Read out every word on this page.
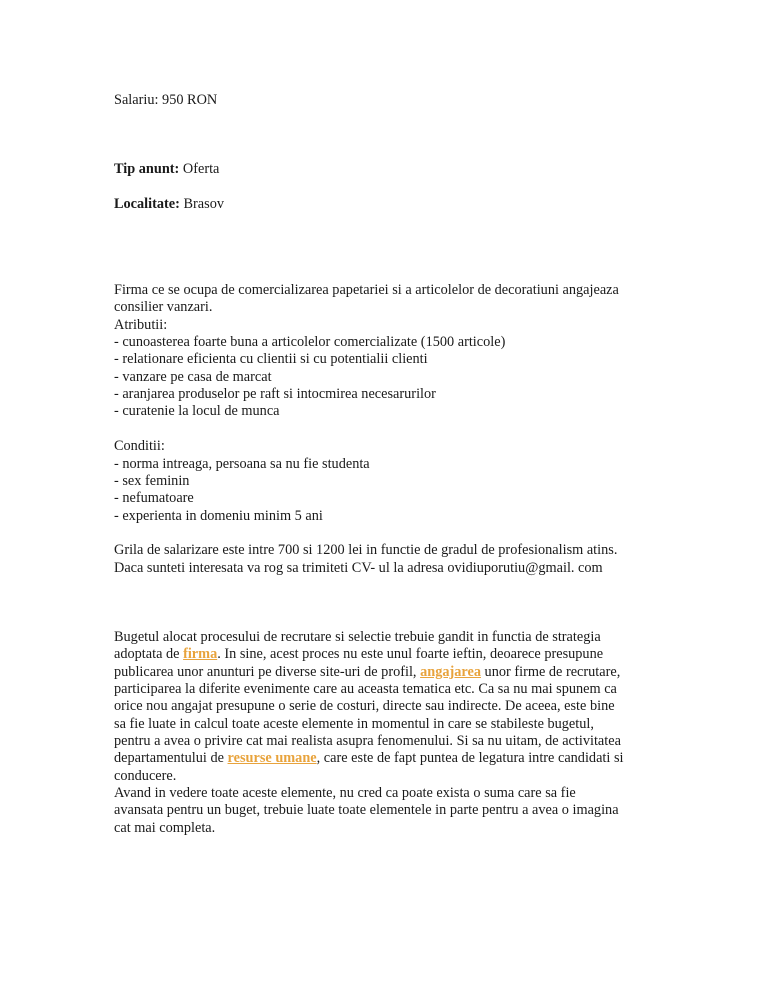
Salariu: 950 RON
Tip anunt: Oferta
Localitate: Brasov
Firma ce se ocupa de comercializarea papetariei si a articolelor de decoratiuni angajeaza
consilier vanzari.
Atributii:
- cunoasterea foarte buna a articolelor comercializate (1500 articole)
- relationare eficienta cu clientii si cu potentialii clienti
- vanzare pe casa de marcat
- aranjarea produselor pe raft si intocmirea necesarurilor
- curatenie la locul de munca
Conditii:
- norma intreaga, persoana sa nu fie studenta
- sex feminin
- nefumatoare
- experienta in domeniu minim 5 ani
Grila de salarizare este intre 700 si 1200 lei in functie de gradul de profesionalism atins.
Daca sunteti interesata va rog sa trimiteti CV- ul la adresa ovidiuporutiu@gmail. com
Bugetul alocat procesului de recrutare si selectie trebuie gandit in functia de strategia
adoptata de firma. In sine, acest proces nu este unul foarte ieftin, deoarece presupune
publicarea unor anunturi pe diverse site-uri de profil, angajarea unor firme de recrutare,
participarea la diferite evenimente care au aceasta tematica etc. Ca sa nu mai spunem ca
orice nou angajat presupune o serie de costuri, directe sau indirecte. De aceea, este bine
sa fie luate in calcul toate aceste elemente in momentul in care se stabileste bugetul,
pentru a avea o privire cat mai realista asupra fenomenului. Si sa nu uitam, de activitatea
departamentului de resurse umane, care este de fapt puntea de legatura intre candidati si
conducere.
Avand in vedere toate aceste elemente, nu cred ca poate exista o suma care sa fie
avansata pentru un buget, trebuie luate toate elementele in parte pentru a avea o imagina
cat mai completa.
